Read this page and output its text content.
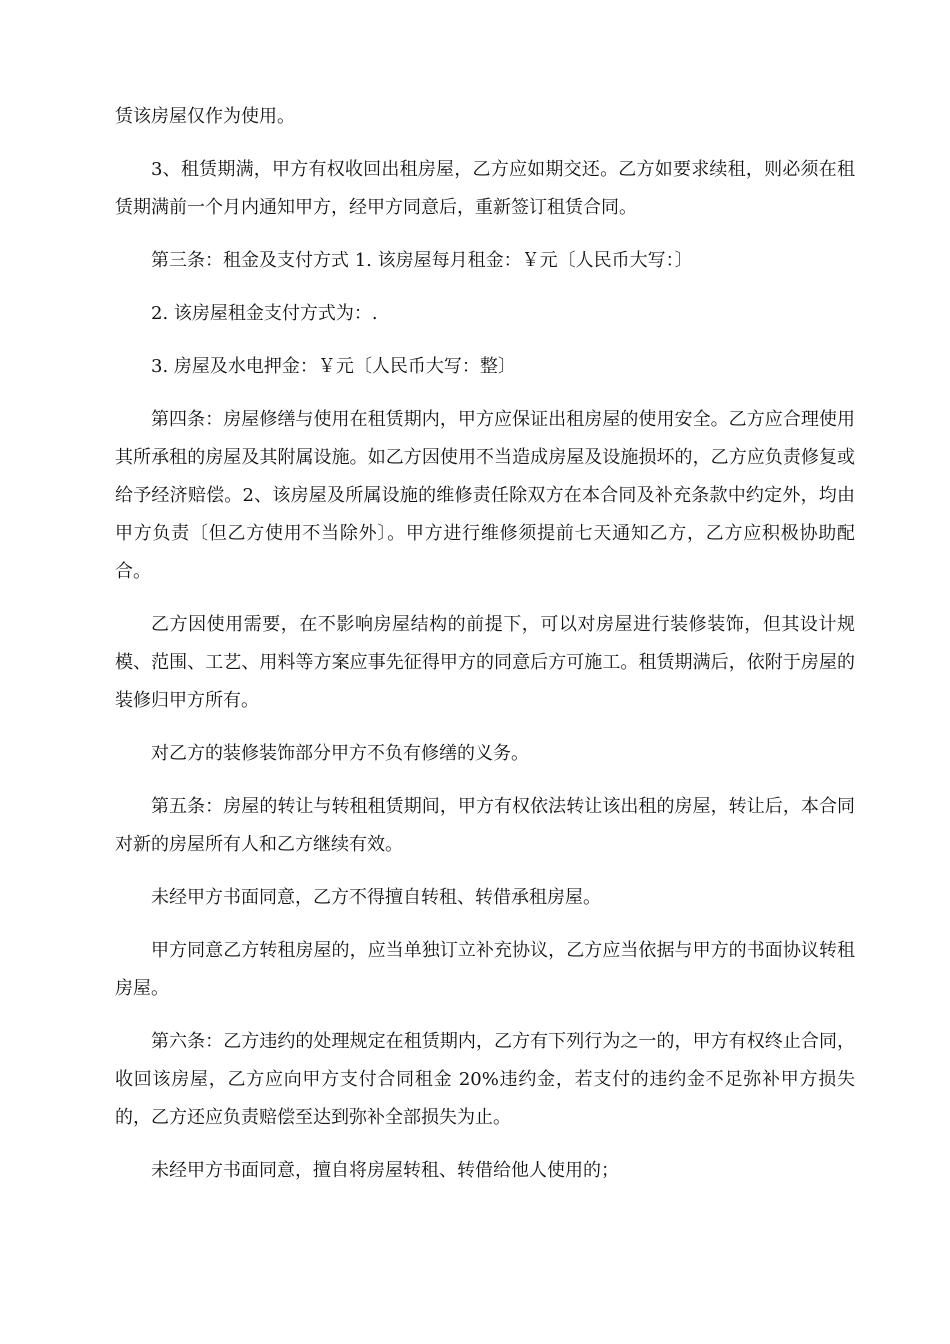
赁该房屋仅作为使用。

3、租赁期满，甲方有权收回出租房屋，乙方应如期交还。乙方如要求续租，则必须在租赁期满前一个月内通知甲方，经甲方同意后，重新签订租赁合同。

第三条：租金及支付方式 1. 该房屋每月租金：￥元〔人民币大写：〕

2. 该房屋租金支付方式为：.

3. 房屋及水电押金：￥元〔人民币大写：整〕

第四条：房屋修缮与使用在租赁期内，甲方应保证出租房屋的使用安全。乙方应合理使用其所承租的房屋及其附属设施。如乙方因使用不当造成房屋及设施损坏的，乙方应负责修复或给予经济赔偿。2、该房屋及所属设施的维修责任除双方在本合同及补充条款中约定外，均由甲方负责〔但乙方使用不当除外〕。甲方进行维修须提前七天通知乙方，乙方应积极协助配合。

乙方因使用需要，在不影响房屋结构的前提下，可以对房屋进行装修装饰，但其设计规模、范围、工艺、用料等方案应事先征得甲方的同意后方可施工。租赁期满后，依附于房屋的装修归甲方所有。

对乙方的装修装饰部分甲方不负有修缮的义务。

第五条：房屋的转让与转租租赁期间，甲方有权依法转让该出租的房屋，转让后，本合同对新的房屋所有人和乙方继续有效。

未经甲方书面同意，乙方不得擅自转租、转借承租房屋。

甲方同意乙方转租房屋的，应当单独订立补充协议，乙方应当依据与甲方的书面协议转租房屋。

第六条：乙方违约的处理规定在租赁期内，乙方有下列行为之一的，甲方有权终止合同，收回该房屋，乙方应向甲方支付合同租金 20%违约金，若支付的违约金不足弥补甲方损失的，乙方还应负责赔偿至达到弥补全部损失为止。

未经甲方书面同意，擅自将房屋转租、转借给他人使用的；
